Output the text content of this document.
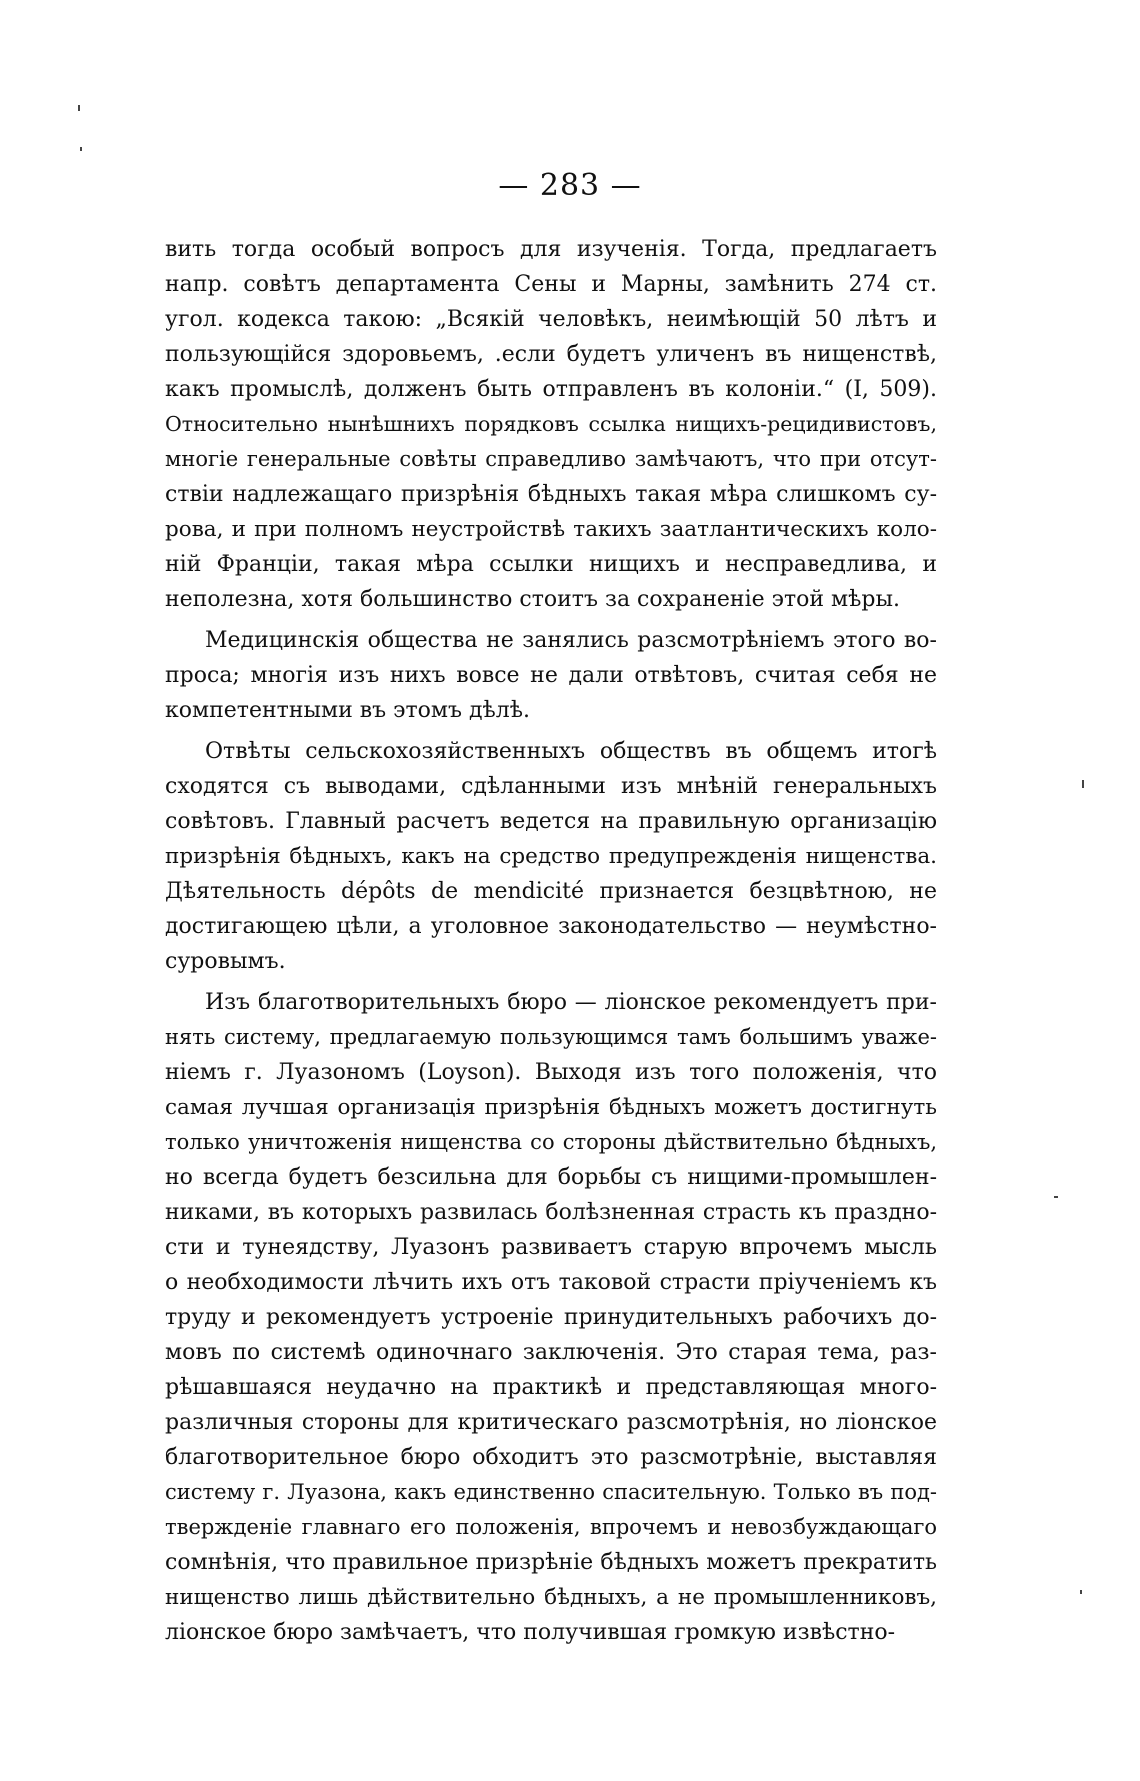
— 283 —
вить тогда особый вопросъ для изученія. Тогда, предлагаетъ
напр. совѣтъ департамента Сены и Марны, замѣнить 274 ст.
угол. кодекса такою: „Всякій человѣкъ, неимѣющій 50 лѣтъ и
пользующійся здоровьемъ, .если будетъ уличенъ въ нищенствѣ,
какъ промыслѣ, долженъ быть отправленъ въ колоніи.“ (I, 509).
Относительно нынѣшнихъ порядковъ ссылка нищихъ-рецидивистовъ,
многіе генеральные совѣты справедливо замѣчаютъ, что при отсут-
ствіи надлежащаго призрѣнія бѣдныхъ такая мѣра слишкомъ су-
рова, и при полномъ неустройствѣ такихъ заатлантическихъ коло-
ній Франціи, такая мѣра ссылки нищихъ и несправедлива, и
неполезна, хотя большинство стоитъ за сохраненіе этой мѣры.
Медицинскія общества не занялись разсмотрѣніемъ этого во-
проса; многія изъ нихъ вовсе не дали отвѣтовъ, считая себя не
компетентными въ этомъ дѣлѣ.
Отвѣты сельскохозяйственныхъ обществъ въ общемъ итогѣ
сходятся съ выводами, сдѣланными изъ мнѣній генеральныхъ
совѣтовъ. Главный расчетъ ведется на правильную организацію
призрѣнія бѣдныхъ, какъ на средство предупрежденія нищенства.
Дѣятельность dépôts de mendicité признается безцвѣтною, не
достигающею цѣли, а уголовное законодательство — неумѣстно-
суровымъ.
Изъ благотворительныхъ бюро — ліонское рекомендуетъ при-
нять систему, предлагаемую пользующимся тамъ большимъ уваже-
ніемъ г. Луазономъ (Loyson). Выходя изъ того положенія, что
самая лучшая организація призрѣнія бѣдныхъ можетъ достигнуть
только уничтоженія нищенства со стороны дѣйствительно бѣдныхъ,
но всегда будетъ безсильна для борьбы съ нищими-промышлен-
никами, въ которыхъ развилась болѣзненная страсть къ праздно-
сти и тунеядству, Луазонъ развиваетъ старую впрочемъ мысль
о необходимости лѣчить ихъ отъ таковой страсти пріученіемъ къ
труду и рекомендуетъ устроеніе принудительныхъ рабочихъ до-
мовъ по системѣ одиночнаго заключенія. Это старая тема, раз-
рѣшавшаяся неудачно на практикѣ и представляющая много-
различныя стороны для критическаго разсмотрѣнія, но ліонское
благотворительное бюро обходитъ это разсмотрѣніе, выставляя
систему г. Луазона, какъ единственно спасительную. Только въ под-
твержденіе главнаго его положенія, впрочемъ и невозбуждающаго
сомнѣнія, что правильное призрѣніе бѣдныхъ можетъ прекратить
нищенство лишь дѣйствительно бѣдныхъ, а не промышленниковъ,
ліонское бюро замѣчаетъ, что получившая громкую извѣстно-
